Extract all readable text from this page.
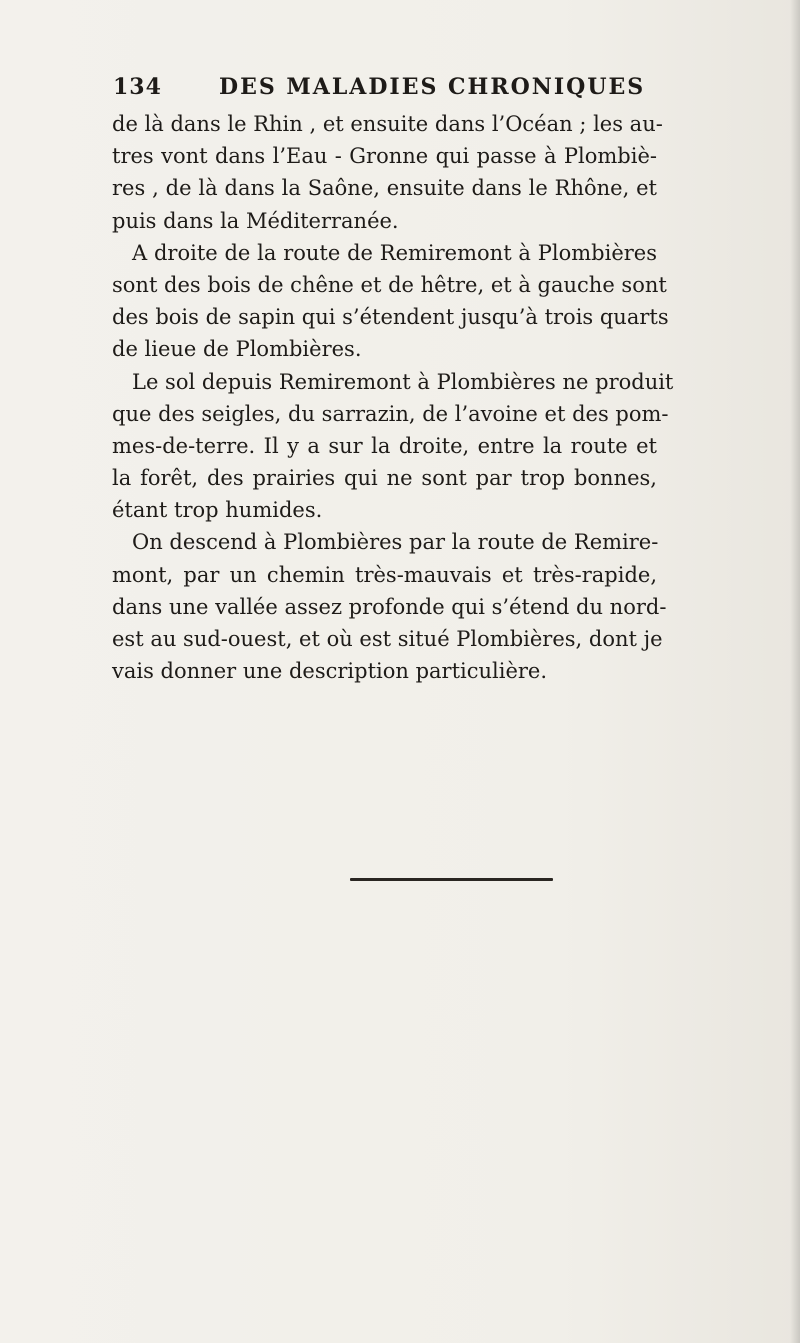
134	DES MALADIES CHRONIQUES
de là dans le Rhin , et ensuite dans l’Océan ; les au-
tres vont dans l’Eau - Gronne qui passe à Plombiè-
res , de là dans la Saône, ensuite dans le Rhône, et
puis dans la Méditerranée.
A droite de la route de Remiremont à Plombières
sont des bois de chêne et de hêtre, et à gauche sont
des bois de sapin qui s’étendent jusqu’à trois quarts
de lieue de Plombières.
Le sol depuis Remiremont à Plombières ne produit
que des seigles, du sarrazin, de l’avoine et des pom-
mes-de-terre. Il y a sur la droite, entre la route et
la forêt, des prairies qui ne sont par trop bonnes,
étant trop humides.
On descend à Plombières par la route de Remire-
mont, par un chemin très-mauvais et très-rapide,
dans une vallée assez profonde qui s’étend du nord-
est au sud-ouest, et où est situé Plombières, dont je
vais donner une description particulière.
